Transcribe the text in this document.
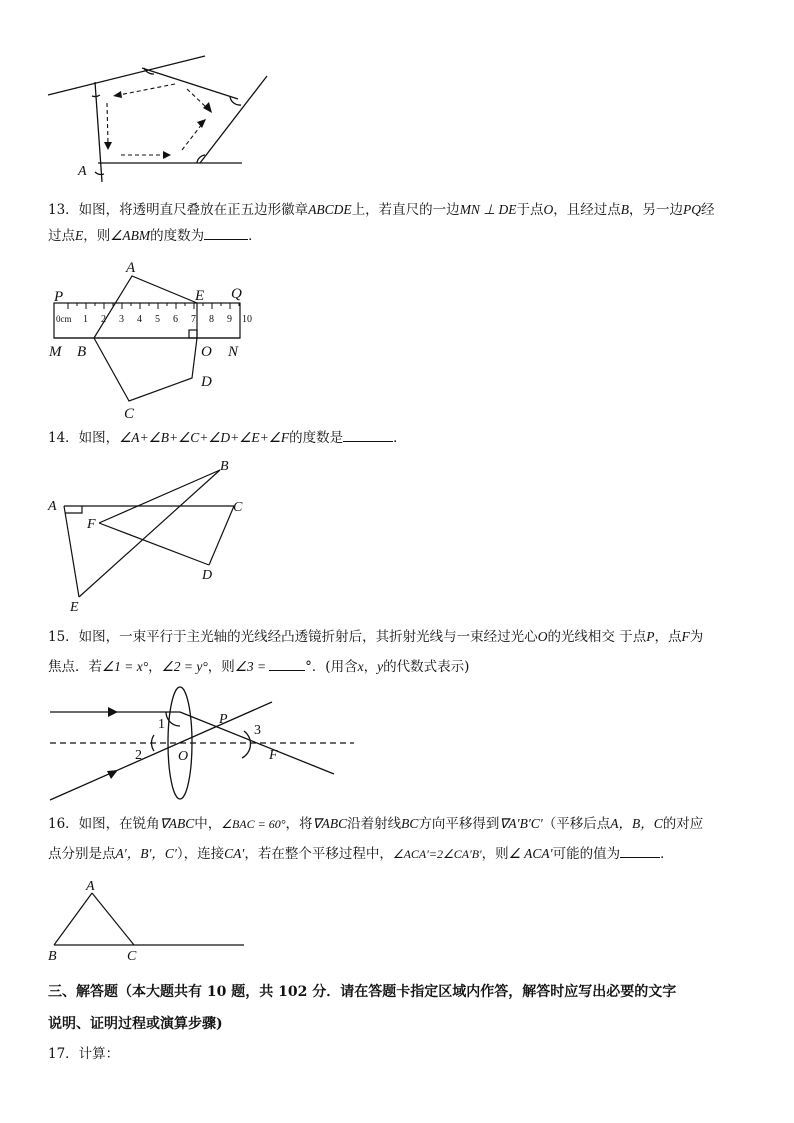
A
13．如图，将透明直尺叠放在正五边形徽章ABCDE上，若直尺的一边MN ⊥ DE于点O，且经过点B，另一边PQ经
过点E，则∠ABM的度数为	．
0cm 1 2 3 4 5 6 7 8 9 10
P
A
E Q
M B	O N
D
C
14．如图，∠A+∠B+∠C+∠D+∠E+∠F的度数是	．
A
B
C
D
E
F
15．如图，一束平行于主光轴的光线经凸透镜折射后，其折射光线与一束经过光心O的光线相交 于点P，点F为
焦点．若∠1 = x°，∠2 = y°，则∠3 =	°．(用含x，y的代数式表示)
1
2
3
O
P
F
16．如图，在锐角∇ABC中，∠BAC = 60°，将∇ABC沿着射线BC方向平移得到∇A′B′C′（平移后点A，B，C的对应
点分别是点A′，B′，C′），连接CA′，若在整个平移过程中，∠ACA′=2∠CA′B′，则∠ ACA′可能的值为	．
A
B	C
三、解答题（本大题共有 10 题，共 102 分．请在答题卡指定区域内作答，解答时应写出必要的文字
说明、证明过程或演算步骤)
17．计算：
